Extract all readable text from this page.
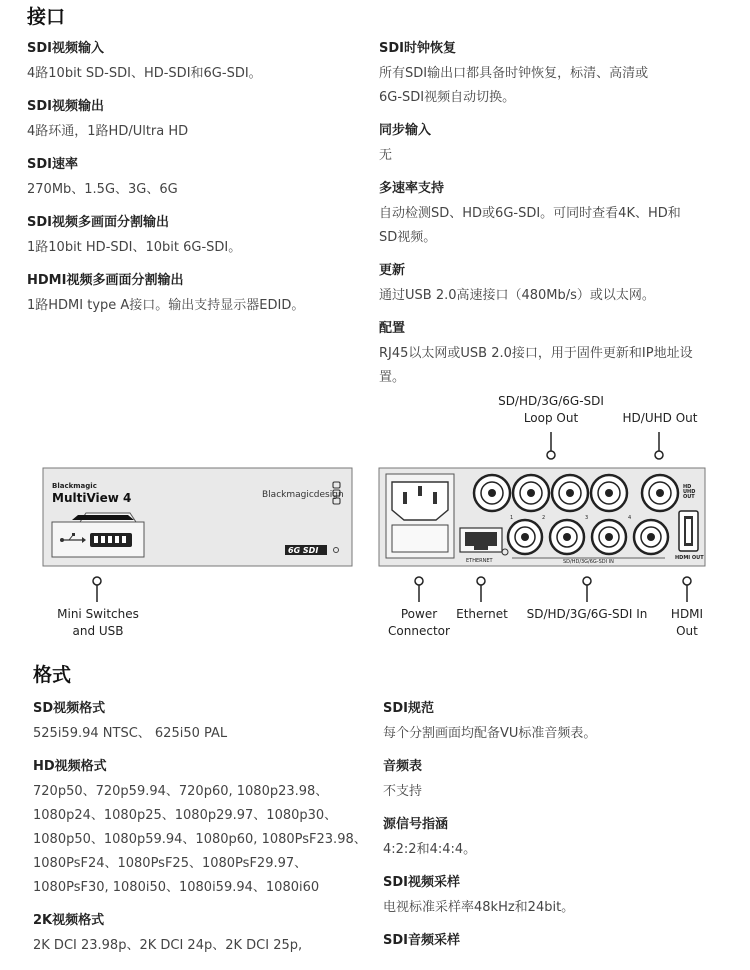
接口
SDI视频输入
4路10bit SD-SDI、HD-SDI和6G-SDI。
SDI视频输出
4路环通，1路HD/Ultra HD
SDI速率
270Mb、1.5G、3G、6G
SDI视频多画面分割输出
1路10bit HD-SDI、10bit 6G-SDI。
HDMI视频多画面分割输出
1路HDMI type A接口。输出支持显示器EDID。
SDI时钟恢复
所有SDI输出口都具备时钟恢复，标清、高清或
6G-SDI视频自动切换。
同步输入
无
多速率支持
自动检测SD、HD或6G-SDI。可同时查看4K、HD和
SD视频。
更新
通过USB 2.0高速接口（480Mb/s）或以太网。
配置
RJ45以太网或USB 2.0接口，用于固件更新和IP地址设
置。
Blackmagic
MultiView 4	Blackmagicdesign
6G SDI
ETHERNET
HD UHD OUT
1	2	3	4
SD/HD/3G/6G-SDI IN
HDMI OUT
SD/HD/3G/6G-SDI
Loop Out	HD/UHD Out
Mini Switches
and USB
Power
Connector
Ethernet SD/HD/3G/6G-SDI In HDMI
Out
格式
SD视频格式
525i59.94 NTSC、 625i50 PAL
HD视频格式
720p50、720p59.94、720p60, 1080p23.98、
1080p24、1080p25、1080p29.97、1080p30、
1080p50、1080p59.94、1080p60, 1080PsF23.98、
1080PsF24、1080PsF25、1080PsF29.97、
1080PsF30, 1080i50、1080i59.94、1080i60
2K视频格式
2K DCI 23.98p、2K DCI 24p、2K DCI 25p,
SDI规范
每个分割画面均配备VU标准音频表。
音频表
不支持
源信号指涵
4:2:2和4:4:4。
SDI视频采样
电视标准采样率48kHz和24bit。
SDI音频采样
